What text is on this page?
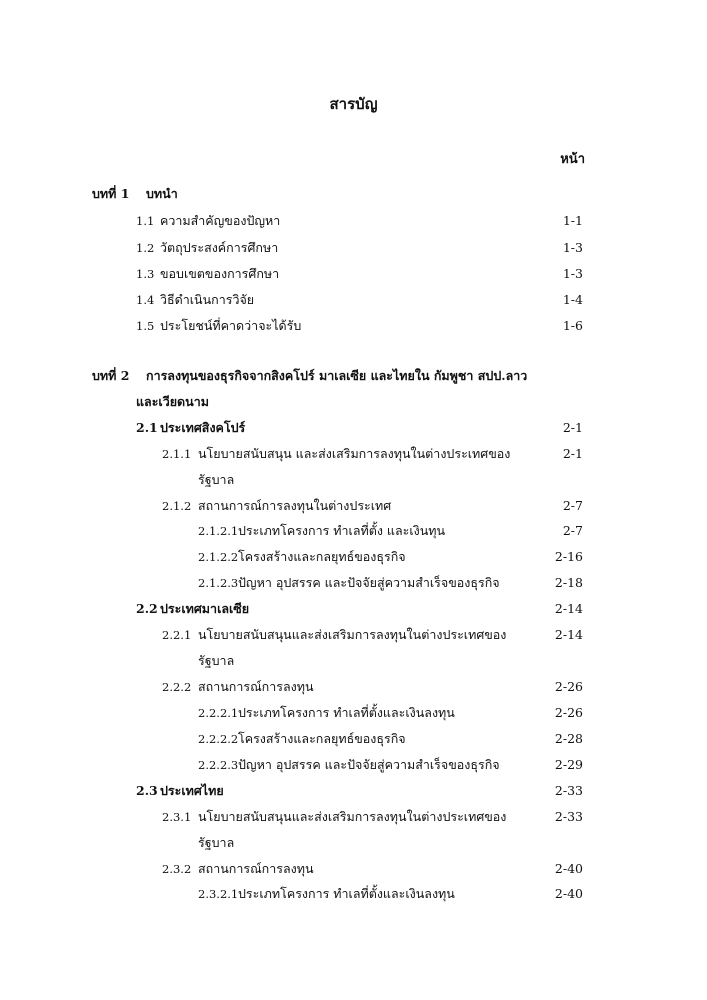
สารบัญ
หน้า
บทที่ 1 บทนำ
1.1 ความสำคัญของปัญหา	1-1
1.2 วัตถุประสงค์การศึกษา	1-3
1.3 ขอบเขตของการศึกษา	1-3
1.4 วิธีดำเนินการวิจัย	1-4
1.5 ประโยชน์ที่คาดว่าจะได้รับ	1-6
บทที่ 2 การลงทุนของธุรกิจจากสิงคโปร์ มาเลเซีย และไทยใน กัมพูชา สปป.ลาว
และเวียดนาม
2.1 ประเทศสิงคโปร์	2-1
2.1.1 นโยบายสนับสนุน และส่งเสริมการลงทุนในต่างประเทศของ	2-1
รัฐบาล
2.1.2 สถานการณ์การลงทุนในต่างประเทศ	2-7
2.1.2.1 ประเภทโครงการ ทำเลที่ตั้ง และเงินทุน	2-7
2.1.2.2 โครงสร้างและกลยุทธ์ของธุรกิจ	2-16
2.1.2.3 ปัญหา อุปสรรค และปัจจัยสู่ความสำเร็จของธุรกิจ	2-18
2.2 ประเทศมาเลเซีย	2-14
2.2.1 นโยบายสนับสนุนและส่งเสริมการลงทุนในต่างประเทศของ	2-14
รัฐบาล
2.2.2 สถานการณ์การลงทุน	2-26
2.2.2.1 ประเภทโครงการ ทำเลที่ตั้งและเงินลงทุน	2-26
2.2.2.2 โครงสร้างและกลยุทธ์ของธุรกิจ	2-28
2.2.2.3 ปัญหา อุปสรรค และปัจจัยสู่ความสำเร็จของธุรกิจ	2-29
2.3 ประเทศไทย	2-33
2.3.1 นโยบายสนับสนุนและส่งเสริมการลงทุนในต่างประเทศของ	2-33
รัฐบาล
2.3.2 สถานการณ์การลงทุน	2-40
2.3.2.1 ประเภทโครงการ ทำเลที่ตั้งและเงินลงทุน	2-40
